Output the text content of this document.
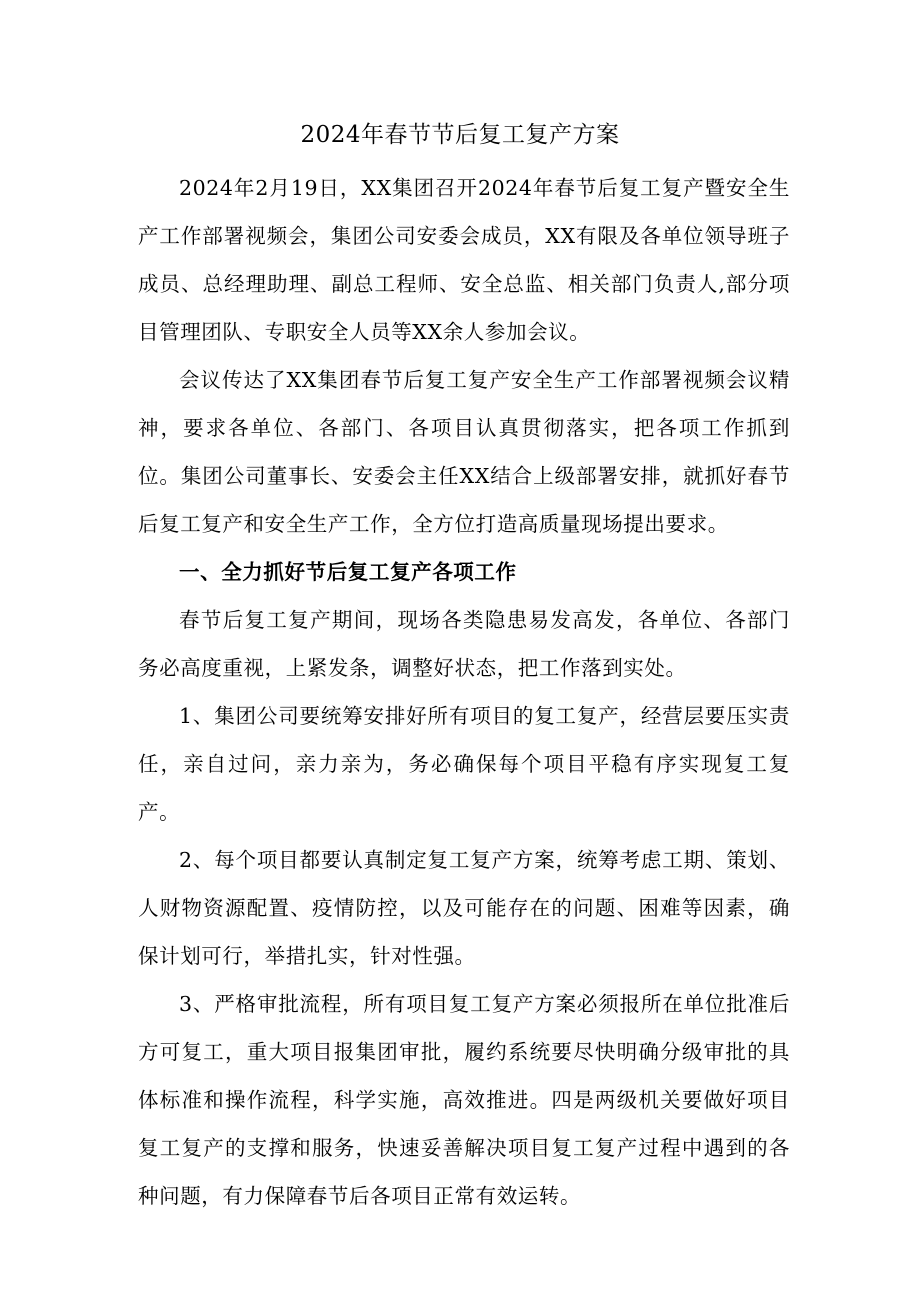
2024年春节节后复工复产方案

2024年2月19日，XX集团召开2024年春节后复工复产暨安全生产工作部署视频会，集团公司安委会成员，XX有限及各单位领导班子成员、总经理助理、副总工程师、安全总监、相关部门负责人,部分项目管理团队、专职安全人员等XX余人参加会议。

会议传达了XX集团春节后复工复产安全生产工作部署视频会议精神，要求各单位、各部门、各项目认真贯彻落实，把各项工作抓到位。集团公司董事长、安委会主任XX结合上级部署安排，就抓好春节后复工复产和安全生产工作，全方位打造高质量现场提出要求。

一、全力抓好节后复工复产各项工作

春节后复工复产期间，现场各类隐患易发高发，各单位、各部门务必高度重视，上紧发条，调整好状态，把工作落到实处。

1、集团公司要统筹安排好所有项目的复工复产，经营层要压实责任，亲自过问，亲力亲为，务必确保每个项目平稳有序实现复工复产。

2、每个项目都要认真制定复工复产方案，统筹考虑工期、策划、人财物资源配置、疫情防控，以及可能存在的问题、困难等因素，确保计划可行，举措扎实，针对性强。

3、严格审批流程，所有项目复工复产方案必须报所在单位批准后方可复工，重大项目报集团审批，履约系统要尽快明确分级审批的具体标准和操作流程，科学实施，高效推进。四是两级机关要做好项目复工复产的支撑和服务，快速妥善解决项目复工复产过程中遇到的各种问题，有力保障春节后各项目正常有效运转。
